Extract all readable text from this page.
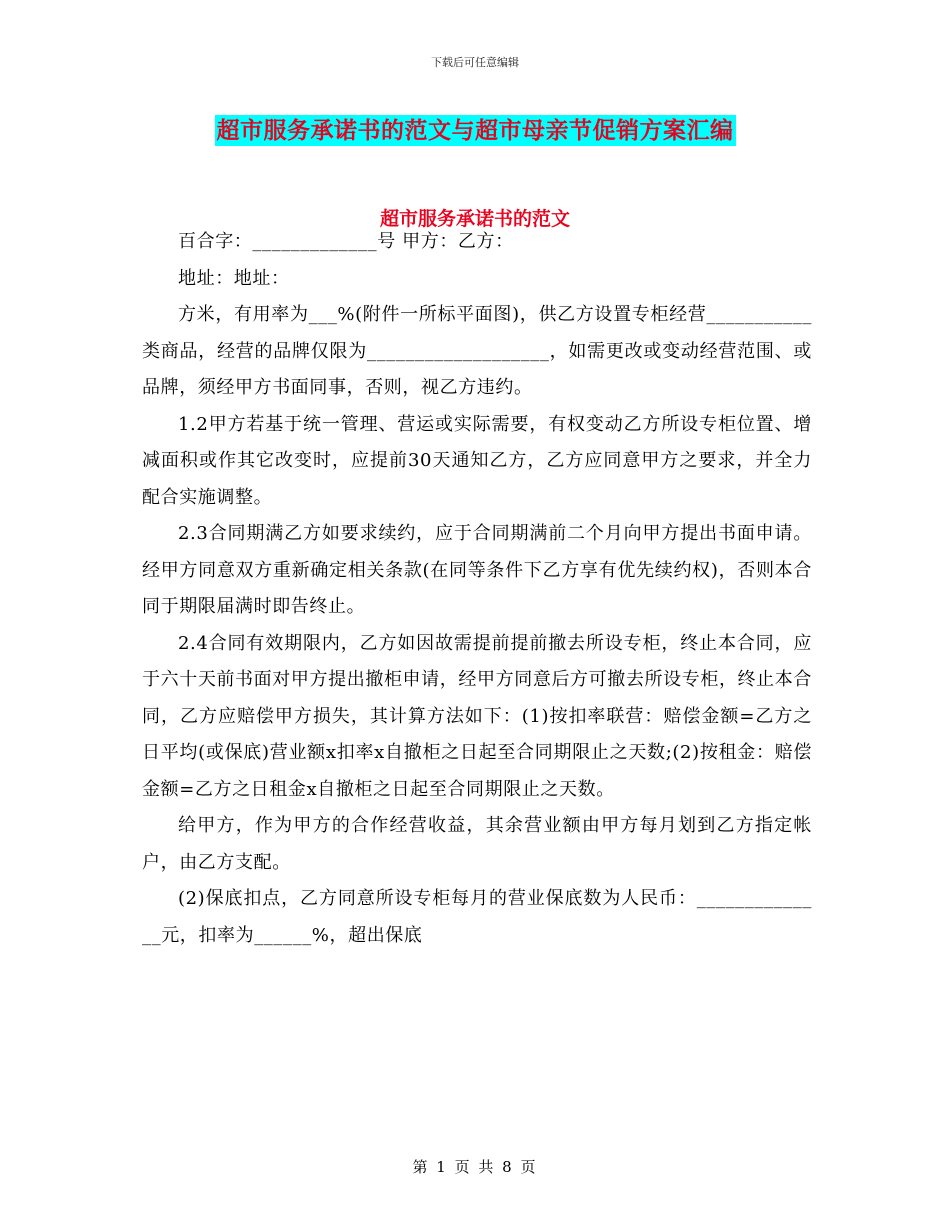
下载后可任意编辑
超市服务承诺书的范文与超市母亲节促销方案汇编
超市服务承诺书的范文

百合字：_____________号 甲方：乙方：

地址：地址：

方米，有用率为___%(附件一所标平面图)，供乙方设置专柜经营___________类商品，经营的品牌仅限为___________________，如需更改或变动经营范围、或品牌，须经甲方书面同事，否则，视乙方违约。

1.2甲方若基于统一管理、营运或实际需要，有权变动乙方所设专柜位置、增减面积或作其它改变时，应提前30天通知乙方，乙方应同意甲方之要求，并全力配合实施调整。

2.3合同期满乙方如要求续约，应于合同期满前二个月向甲方提出书面申请。经甲方同意双方重新确定相关条款(在同等条件下乙方享有优先续约权)，否则本合同于期限届满时即告终止。

2.4合同有效期限内，乙方如因故需提前提前撤去所设专柜，终止本合同，应于六十天前书面对甲方提出撤柜申请，经甲方同意后方可撤去所设专柜，终止本合同，乙方应赔偿甲方损失，其计算方法如下：(1)按扣率联营：赔偿金额=乙方之日平均(或保底)营业额x扣率x自撤柜之日起至合同期限止之天数;(2)按租金：赔偿金额=乙方之日租金x自撤柜之日起至合同期限止之天数。

给甲方，作为甲方的合作经营收益，其余营业额由甲方每月划到乙方指定帐户，由乙方支配。

(2)保底扣点，乙方同意所设专柜每月的营业保底数为人民币：______________元，扣率为______%，超出保底

第 1 页 共 8 页
